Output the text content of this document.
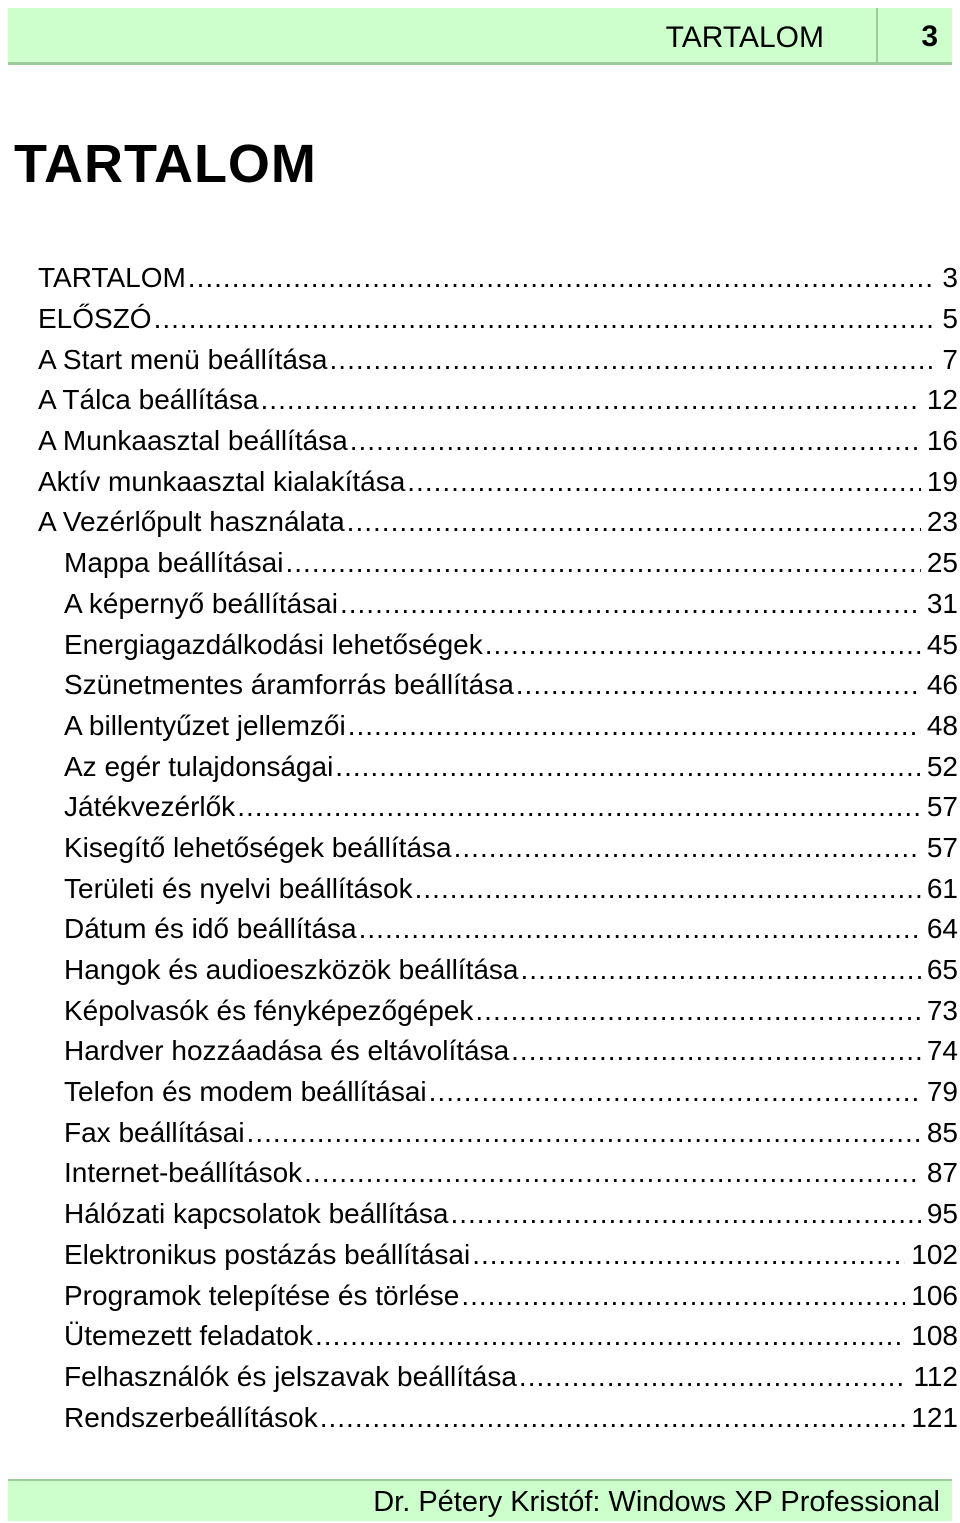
TARTALOM	3
TARTALOM
TARTALOM .....	3
ELŐSZÓ .....	5
A Start menü beállítása .....	7
A Tálca beállítása .....	12
A Munkaasztal beállítása .....	16
Aktív munkaasztal kialakítása .....	19
A Vezérlőpult használata .....	23
Mappa beállításai .....	25
A képernyő beállításai .....	31
Energiagazdálkodási lehetőségek .....	45
Szünetmentes áramforrás beállítása .....	46
A billentyűzet jellemzői .....	48
Az egér tulajdonságai .....	52
Játékvezérlők .....	57
Kisegítő lehetőségek beállítása .....	57
Területi és nyelvi beállítások .....	61
Dátum és idő beállítása .....	64
Hangok és audioeszközök beállítása .....	65
Képolvasók és fényképezőgépek .....	73
Hardver hozzáadása és eltávolítása .....	74
Telefon és modem beállításai .....	79
Fax beállításai .....	85
Internet-beállítások .....	87
Hálózati kapcsolatok beállítása .....	95
Elektronikus postázás beállításai .....	102
Programok telepítése és törlése .....	106
Ütemezett feladatok .....	108
Felhasználók és jelszavak beállítása .....	112
Rendszerbeállítások .....	121
Dr. Pétery Kristóf: Windows XP Professional
